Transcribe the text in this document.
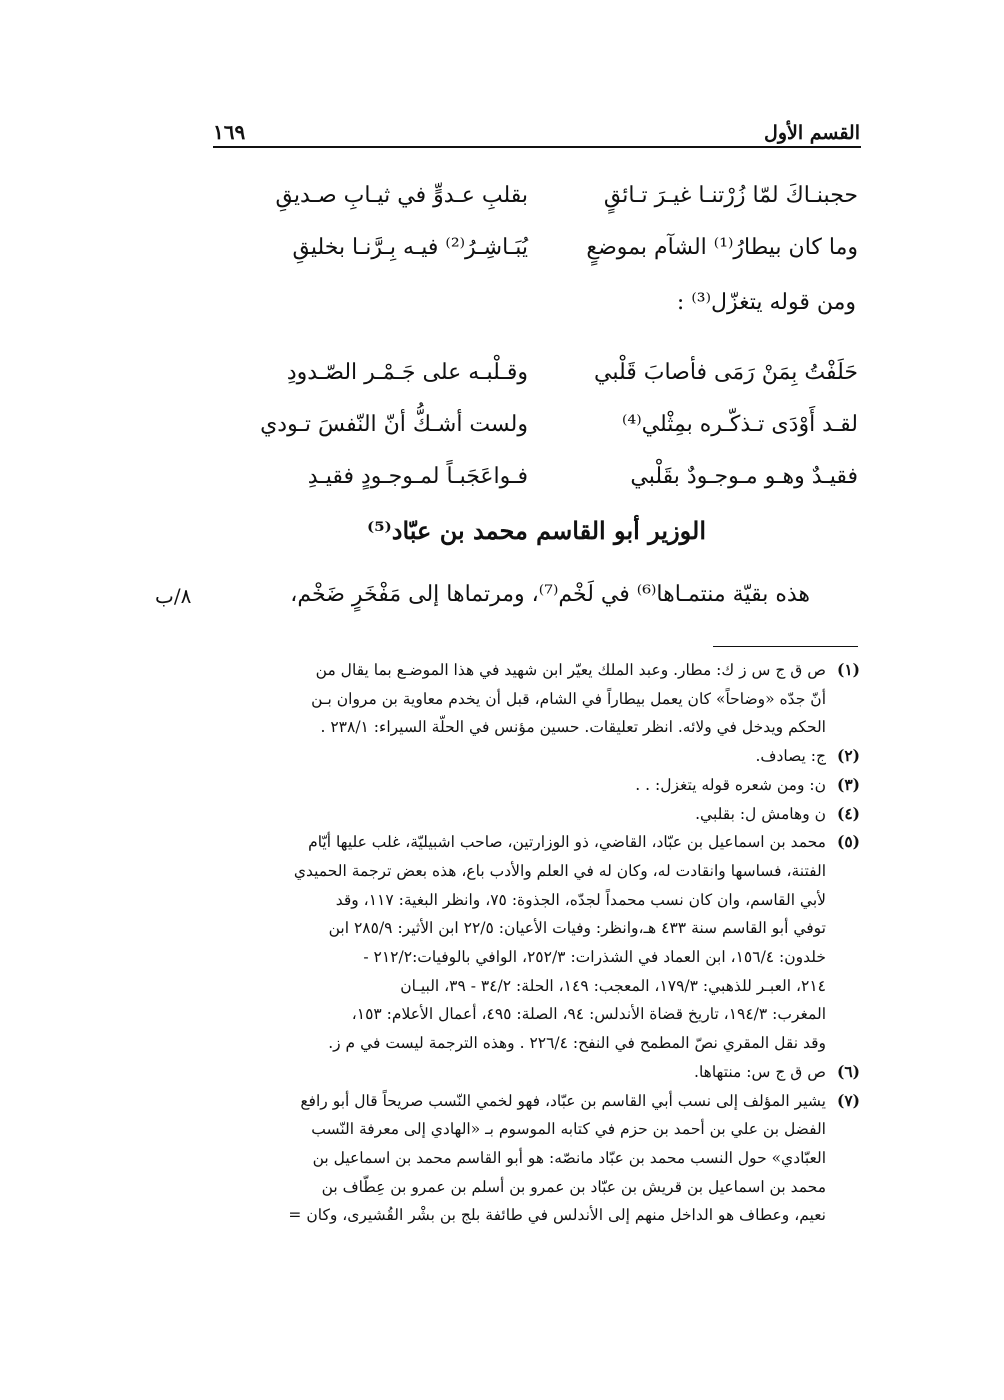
القسم الأول
١٦٩
حجبنـاكَ لمّا زُرْتنـا غيـرَ تـائقٍ
بقلبِ عـدوٍّ في ثيـابِ صـديقِ
وما كان بيطارُ⁽¹⁾ الشآم بموضعٍ
يُبَـاشِـرُ⁽²⁾ فيـه بِـرَّنـا بخليقِ
ومن قوله يتغزّل⁽³⁾ :
حَلَفْتُ بِمَنْ رَمَى فأصابَ قَلْبي
وقـلْبـه على جَـمْـر الصّـدودِ
لقـد أَوْدَى تـذكّـره بمِثْلي⁽⁴⁾
ولست أشـكُّ أنّ النّفسَ تـودي
فقيـدٌ وهـو مـوجـودٌ بقَلْبي
فـواعَجَبـاً لمـوجـودٍ فقيـدِ
الوزير أبو القاسم محمد بن عبّاد⁽⁵⁾
هذه بقيّة منتمـاها⁽⁶⁾ في لَخْم⁽⁷⁾، ومرتماها إلى مَفْخَرٍ ضَخْم،
٨/ب
(١)
ص ق ج س ز ك: مطار. وعبد الملك يعيّر ابن شهيد في هذا الموضـع بما يقال من
أنّ جدّه «وضاحاً» كان يعمل بيطاراً في الشام، قبل أن يخدم معاوية بن مروان بـن
الحكم ويدخل في ولائه. انظر تعليقات. حسين مؤنس في الحلّة السيراء: ٢٣٨/١ .
(٢)
ج: يصادف.
(٣)
ن: ومن شعره قوله يتغزل: . .
(٤)
ن وهامش ل: بقلبي.
(٥)
محمد بن اسماعيل بن عبّاد، القاضي، ذو الوزارتين، صاحب اشبيليّة، غلب عليها أيّام
الفتنة، فساسها وانقادت له، وكان له في العلم والأدب باع، هذه بعض ترجمة الحميدي
لأبي القاسم، وان كان نسب محمداً لجدّه، الجذوة: ٧٥، وانظر البغية: ١١٧، وقد
توفي أبو القاسم سنة ٤٣٣ هـ،وانظر: وفيات الأعيان: ٢٢/٥ ابن الأثير: ٢٨٥/٩ ابن
خلدون: ١٥٦/٤، ابن العماد في الشذرات: ٢٥٢/٣، الوافي بالوفيات:٢١٢/٢ -
٢١٤، العبـر للذهبي: ١٧٩/٣، المعجب: ١٤٩، الحلة: ٣٤/٢ - ٣٩، البيـان
المغرب: ١٩٤/٣، تاريخ قضاة الأندلس: ٩٤، الصلة: ٤٩٥، أعمال الأعلام: ١٥٣،
وقد نقل المقري نصّ المطمح في النفح: ٢٢٦/٤ . وهذه الترجمة ليست في م ز.
(٦)
ص ق ج س: منتهاها.
(٧)
يشير المؤلف إلى نسب أبي القاسم بن عبّاد، فهو لخمي النّسب صريحاً قال أبو رافع
الفضل بن علي بن أحمد بن حزم في كتابه الموسوم بـ «الهادي إلى معرفة النّسب
العبّادي» حول النسب محمد بن عبّاد مانصّه: هو أبو القاسم محمد بن اسماعيل بن
محمد بن اسماعيل بن قريش بن عبّاد بن عمرو بن أسلم بن عمرو بن عِطّاف بن
نعيم، وعطاف هو الداخل منهم إلى الأندلس في طائفة بلج بن بشْر القُشيرى، وكان =
